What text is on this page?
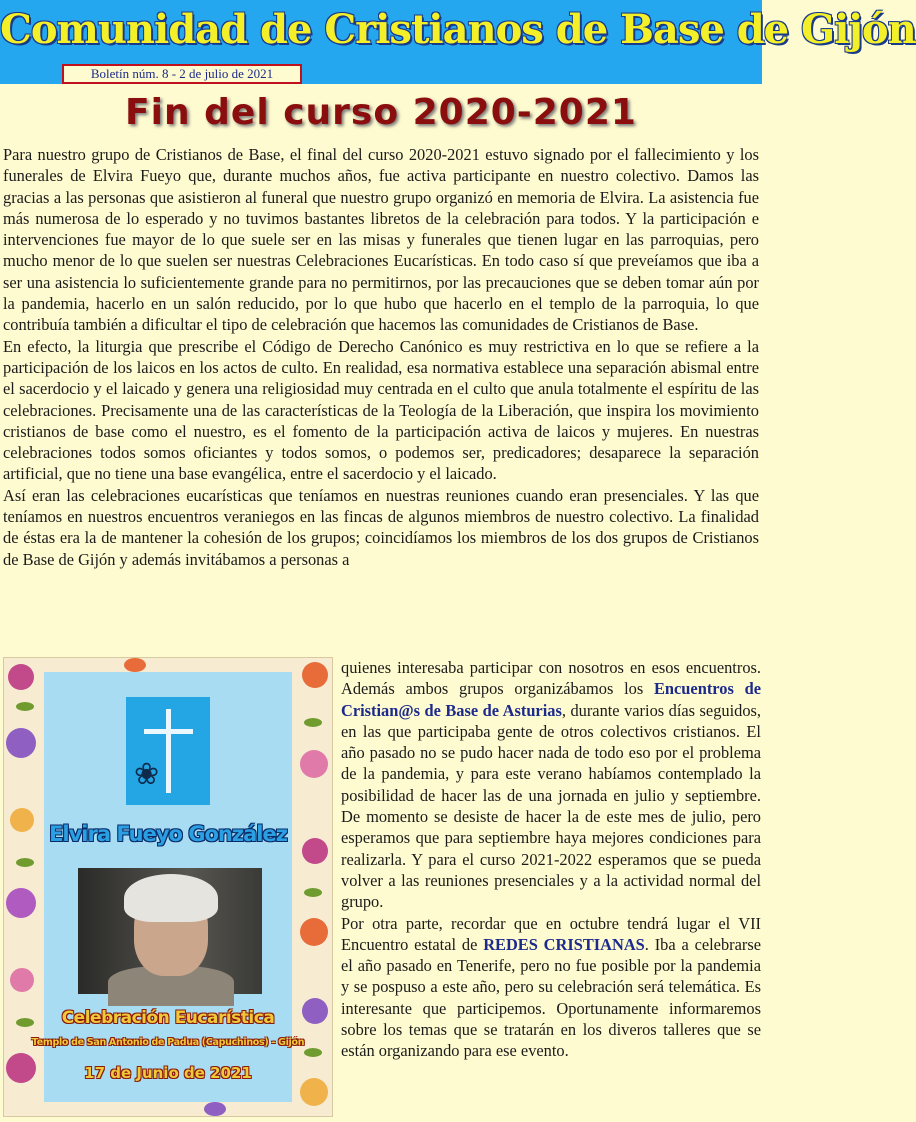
Comunidad de Cristianos de Base de Gijón
Boletín núm. 8 - 2 de julio de 2021
Fin del curso 2020-2021

Para nuestro grupo de Cristianos de Base, el final del curso 2020-2021 estuvo signado por el fallecimiento y los funerales de Elvira Fueyo que, durante muchos años, fue activa participante en nuestro colectivo. Damos las gracias a las personas que asistieron al funeral que nuestro grupo organizó en memoria de Elvira. La asistencia fue más numerosa de lo esperado y no tuvimos bastantes libretos de la celebración para todos. Y la participación e intervenciones fue mayor de lo que suele ser en las misas y funerales que tienen lugar en las parroquias, pero mucho menor de lo que suelen ser nuestras Celebraciones Eucarísticas. En todo caso sí que preveíamos que iba a ser una asistencia lo suficientemente grande para no permitirnos, por las precauciones que se deben tomar aún por la pandemia, hacerlo en un salón reducido, por lo que hubo que hacerlo en el templo de la parroquia, lo que contribuía también a dificultar el tipo de celebración que hacemos las comunidades de Cristianos de Base.

En efecto, la liturgia que prescribe el Código de Derecho Canónico es muy restrictiva en lo que se refiere a la participación de los laicos en los actos de culto. En realidad, esa normativa establece una separación abismal entre el sacerdocio y el laicado y genera una religiosidad muy centrada en el culto que anula totalmente el espíritu de las celebraciones. Precisamente una de las características de la Teología de la Liberación, que inspira los movimiento cristianos de base como el nuestro, es el fomento de la participación activa de laicos y mujeres. En nuestras celebraciones todos somos oficiantes y todos somos, o podemos ser, predicadores; desaparece la separación artificial, que no tiene una base evangélica, entre el sacerdocio y el laicado.

Así eran las celebraciones eucarísticas que teníamos en nuestras reuniones cuando eran presenciales. Y las que teníamos en nuestros encuentros veraniegos en las fincas de algunos miembros de nuestro colectivo. La finalidad de éstas era la de mantener la cohesión de los grupos; coincidíamos los miembros de los dos grupos de Cristianos de Base de Gijón y además invitábamos a personas a

❀
Elvira Fueyo González
Celebración Eucarística
Templo de San Antonio de Padua (Capuchinos) - Gijón
17 de Junio de 2021

quienes interesaba participar con nosotros en esos encuentros. Además ambos grupos organizábamos los Encuentros de Cristian@s de Base de Asturias, durante varios días seguidos, en las que participaba gente de otros colectivos cristianos. El año pasado no se pudo hacer nada de todo eso por el problema de la pandemia, y para este verano habíamos contemplado la posibilidad de hacer las de una jornada en julio y septiembre. De momento se desiste de hacer la de este mes de julio, pero esperamos que para septiembre haya mejores condiciones para realizarla. Y para el curso 2021-2022 esperamos que se pueda volver a las reuniones presenciales y a la actividad normal del grupo.

Por otra parte, recordar que en octubre tendrá lugar el VII Encuentro estatal de REDES CRISTIANAS. Iba a celebrarse el año pasado en Tenerife, pero no fue posible por la pandemia y se pospuso a este año, pero su celebración será telemática. Es interesante que participemos. Oportunamente informaremos sobre los temas que se tratarán en los diveros talleres que se están organizando para ese evento.
